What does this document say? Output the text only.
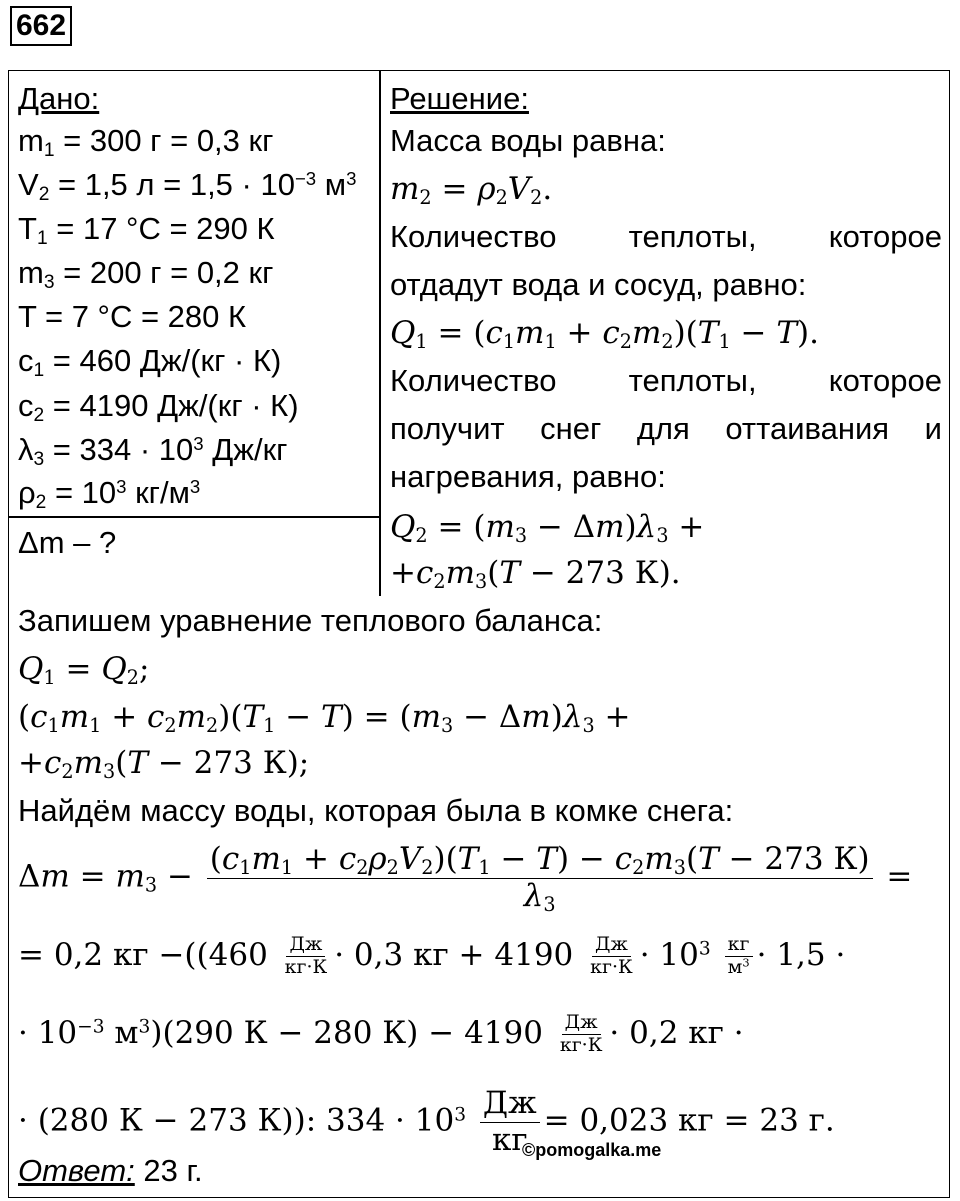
662
Дано:
$m_1 = 300$ г = 0,3 кг
$V_2 = 1,5$ $л = 1,5 \cdot 10^{-3}$ $м^3$
$T_1 = 17$ °С = 290 К
$m_3 = 200$ г = 0,2 кг
T = 7 °С = 280 К
$c_1 = 460$ Дж/(кг · К)
$c_2 = 4190$ Дж/(кг · К)
$\lambda_3 = 334 \cdot 10^3$ Дж/кг
$\rho_2 = 10^3$ $кг/м^3$
Δm – ?
Решение:
Масса воды равна:
$m_2 = \rho_2V_2$.
Количество теплоты, которое
отдадут вода и сосуд, равно:
$Q_1 = (c_1m_1 + c_2m_2)(T_1 - T)$.
Количество теплоты, которое
получит снег для оттаивания и
нагревания, равно:
$Q_2 = (m_3 - \Delta m)\lambda_3$ +
$+c_2m_3(T - 273$ К).
Запишем уравнение теплового баланса:
$Q_1 = Q_2$;
$(c_1m_1 + c_2m_2)(T_1 - T) = (m_3 - \Delta m)\lambda_3$ +
$+c_2m_3(T - 273$ К);
Найдём массу воды, которая была в комке снега:
$\Delta m = m_3 - \frac{(c_1m_1 + c_2\rho_2V_2)(T_1 - T) - c_2m_3(T - 273 К)}{\lambda_3}$ =
= 0,2 кг $-((460 \frac{Дж}{кг\cdot К} \cdot 0,3$ кг + $4190 \frac{Дж}{кг\cdot К} \cdot 10^3 \frac{кг}{м^3} \cdot 1,5$ ·
· $10^{-3}$ $м^3)(290$ К − 280 $К) - 4190 \frac{Дж}{кг\cdot К} \cdot 0,2$ кг ·
· (280 К − 273 К)): $334 \cdot 10^3 \frac{Дж}{кг} = 0,023$ кг = 23 г.
©pomogalka.me
Ответ: 23 г.
